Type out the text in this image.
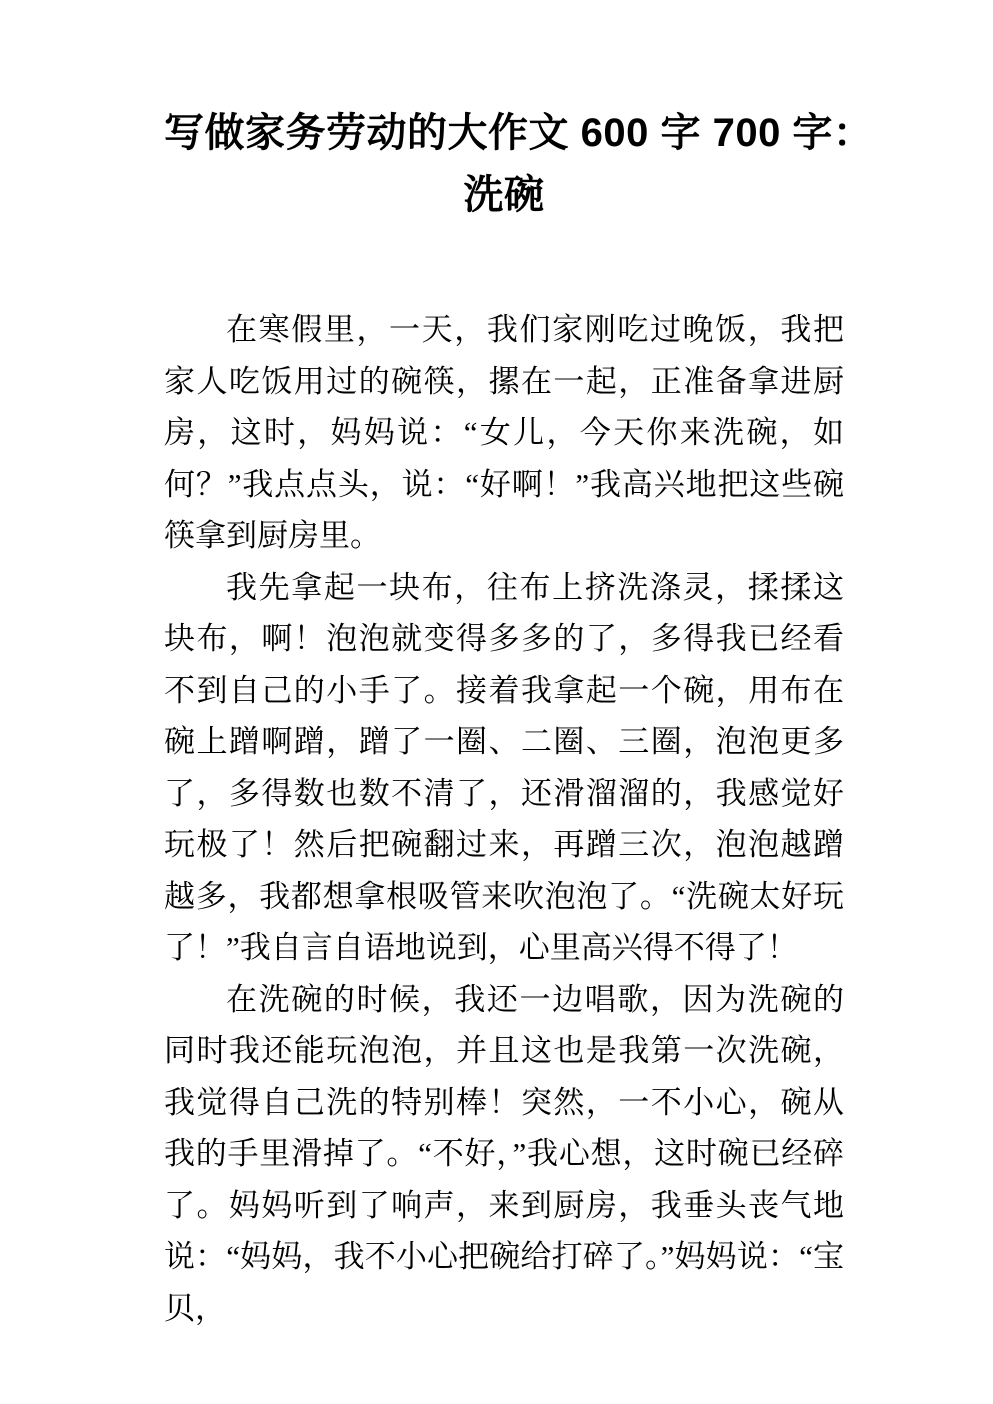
写做家务劳动的大作文 600 字 700 字：
洗碗

在寒假里，一天，我们家刚吃过晚饭，我把家人吃饭用过的碗筷，摞在一起，正准备拿进厨房，这时，妈妈说：“女儿，今天你来洗碗，如何？”我点点头，说：“好啊！”我高兴地把这些碗筷拿到厨房里。

我先拿起一块布，往布上挤洗涤灵，揉揉这块布，啊！泡泡就变得多多的了，多得我已经看不到自己的小手了。接着我拿起一个碗，用布在碗上蹭啊蹭，蹭了一圈、二圈、三圈，泡泡更多了，多得数也数不清了，还滑溜溜的，我感觉好玩极了！然后把碗翻过来，再蹭三次，泡泡越蹭越多，我都想拿根吸管来吹泡泡了。“洗碗太好玩了！”我自言自语地说到，心里高兴得不得了！

在洗碗的时候，我还一边唱歌，因为洗碗的同时我还能玩泡泡，并且这也是我第一次洗碗，我觉得自己洗的特别棒！突然，一不小心，碗从我的手里滑掉了。“不好，”我心想，这时碗已经碎了。妈妈听到了响声，来到厨房，我垂头丧气地说：“妈妈，我不小心把碗给打碎了。”妈妈说：“宝贝，
